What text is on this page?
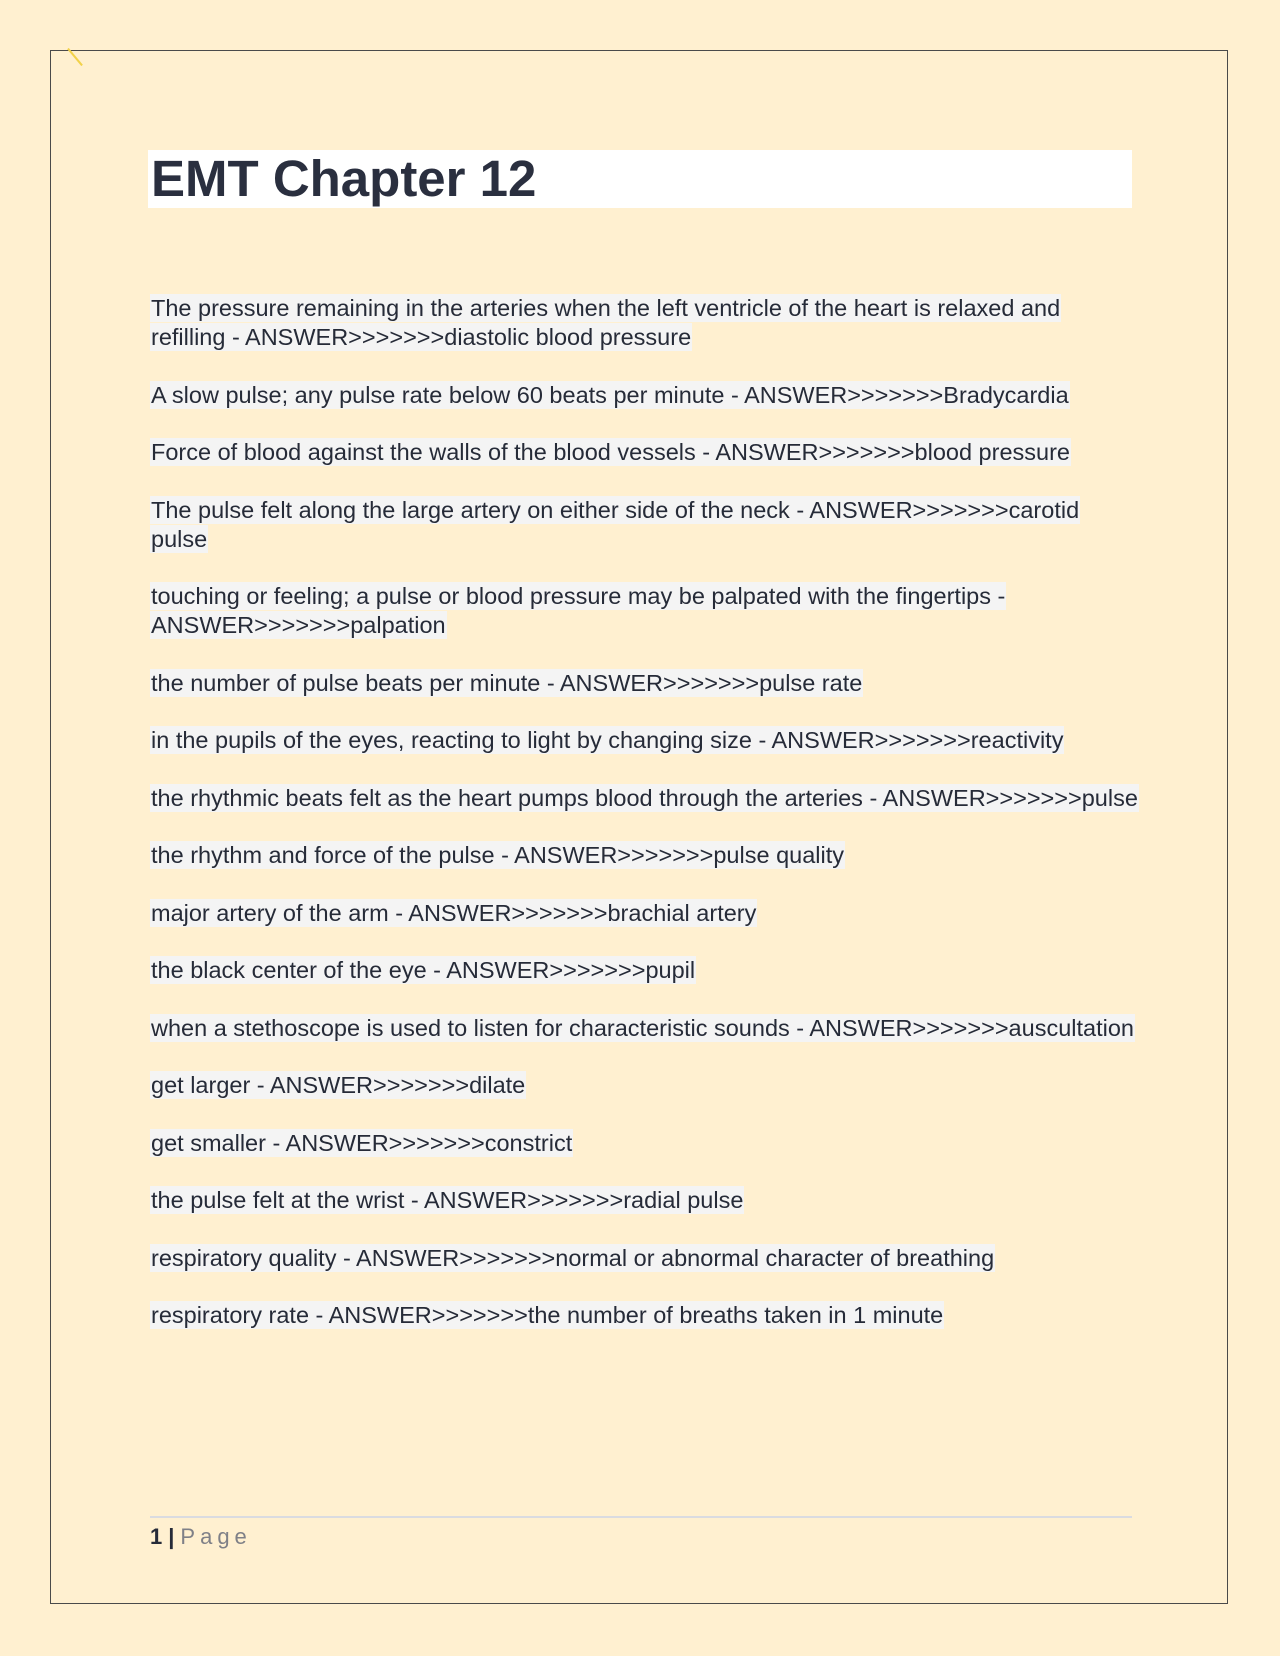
EMT Chapter 12

The pressure remaining in the arteries when the left ventricle of the heart is relaxed and refilling - ANSWER>>>>>>>diastolic blood pressure

A slow pulse; any pulse rate below 60 beats per minute - ANSWER>>>>>>>Bradycardia

Force of blood against the walls of the blood vessels - ANSWER>>>>>>>blood pressure

The pulse felt along the large artery on either side of the neck - ANSWER>>>>>>>carotid pulse

touching or feeling; a pulse or blood pressure may be palpated with the fingertips - ANSWER>>>>>>>palpation

the number of pulse beats per minute - ANSWER>>>>>>>pulse rate

in the pupils of the eyes, reacting to light by changing size - ANSWER>>>>>>>reactivity

the rhythmic beats felt as the heart pumps blood through the arteries - ANSWER>>>>>>>pulse

the rhythm and force of the pulse - ANSWER>>>>>>>pulse quality

major artery of the arm - ANSWER>>>>>>>brachial artery

the black center of the eye - ANSWER>>>>>>>pupil

when a stethoscope is used to listen for characteristic sounds - ANSWER>>>>>>>auscultation

get larger - ANSWER>>>>>>>dilate

get smaller - ANSWER>>>>>>>constrict

the pulse felt at the wrist - ANSWER>>>>>>>radial pulse

respiratory quality - ANSWER>>>>>>>normal or abnormal character of breathing

respiratory rate - ANSWER>>>>>>>the number of breaths taken in 1 minute

1 | Page
